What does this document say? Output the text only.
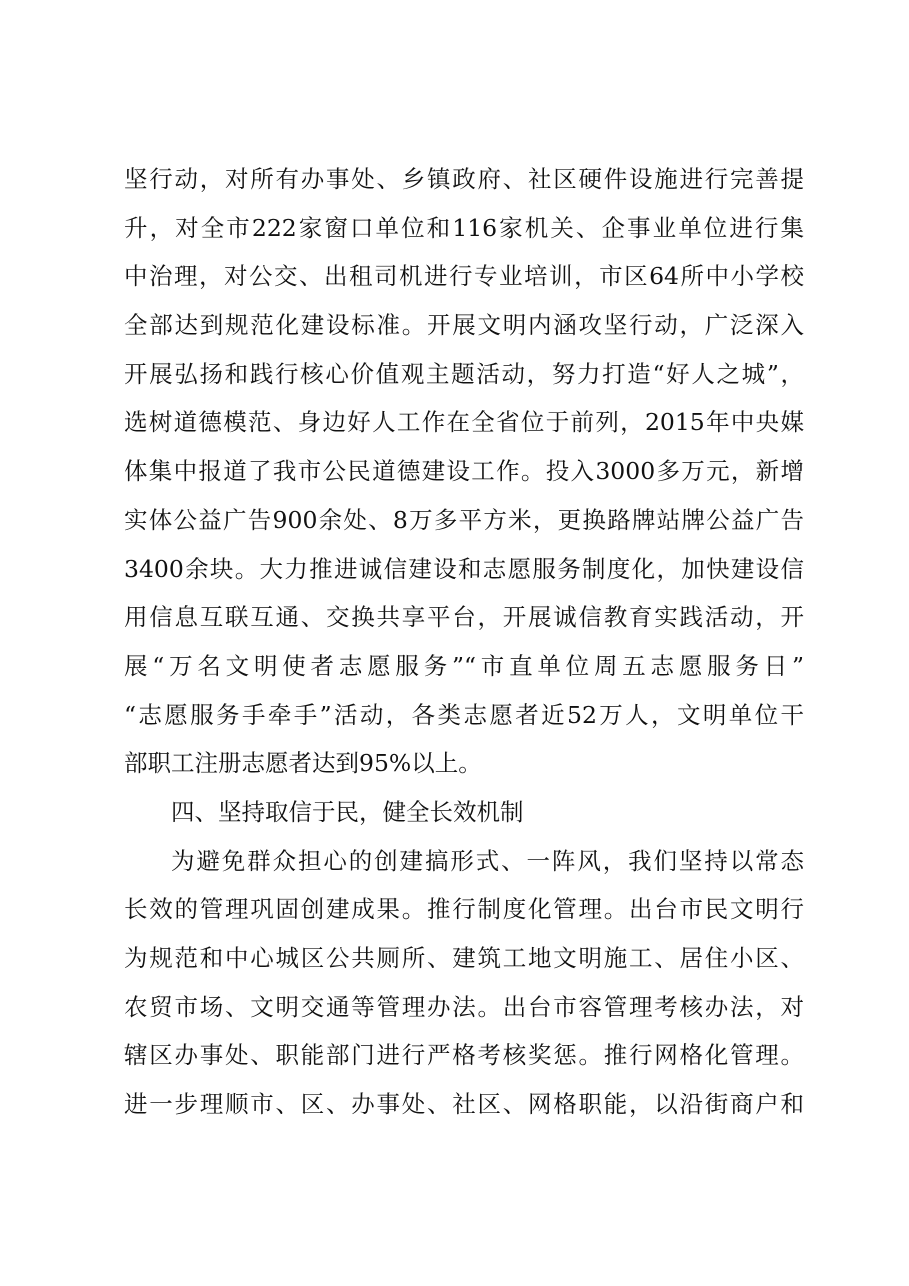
坚行动，对所有办事处、乡镇政府、社区硬件设施进行完善提
升，对全市222家窗口单位和116家机关、企事业单位进行集
中治理，对公交、出租司机进行专业培训，市区64所中小学校
全部达到规范化建设标准。开展文明内涵攻坚行动，广泛深入
开展弘扬和践行核心价值观主题活动，努力打造“好人之城”，
选树道德模范、身边好人工作在全省位于前列，2015年中央媒
体集中报道了我市公民道德建设工作。投入3000多万元，新增
实体公益广告900余处、8万多平方米，更换路牌站牌公益广告
3400余块。大力推进诚信建设和志愿服务制度化，加快建设信
用信息互联互通、交换共享平台，开展诚信教育实践活动，开
展“万名文明使者志愿服务”“市直单位周五志愿服务日”
“志愿服务手牵手”活动，各类志愿者近52万人，文明单位干
部职工注册志愿者达到95%以上。
四、坚持取信于民，健全长效机制
为避免群众担心的创建搞形式、一阵风，我们坚持以常态
长效的管理巩固创建成果。推行制度化管理。出台市民文明行
为规范和中心城区公共厕所、建筑工地文明施工、居住小区、
农贸市场、文明交通等管理办法。出台市容管理考核办法，对
辖区办事处、职能部门进行严格考核奖惩。推行网格化管理。
进一步理顺市、区、办事处、社区、网格职能，以沿街商户和
